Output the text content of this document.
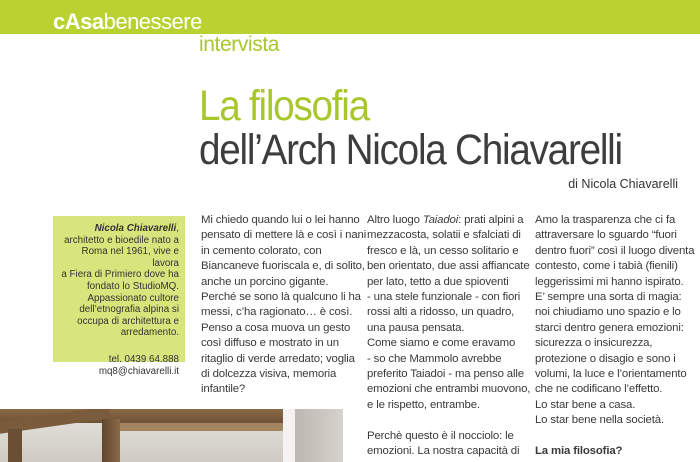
cAsabenessere
intervista
La filosofia
dell’Arch Nicola Chiavarelli
di Nicola Chiavarelli
Nicola Chiavarelli,
architetto e bioedile nato a
Roma nel 1961, vive e lavora
a Fiera di Primiero dove ha
fondato lo StudioMQ.
Appassionato cultore
dell’etnografia alpina si
occupa di architettura e
arredamento.
tel. 0439 64.888
mq8@chiavarelli.it
Mi chiedo quando lui o lei hanno
pensato di mettere là e così i nani
in cemento colorato, con
Biancaneve fuoriscala e, di solito,
anche un porcino gigante.
Perché se sono là qualcuno li ha
messi, c’ha ragionato… è così.
Penso a cosa muova un gesto
così diffuso e mostrato in un
ritaglio di verde arredato; voglia
di dolcezza visiva, memoria
infantile?
Altro luogo Taiadoi: prati alpini a
mezzacosta, solatii e sfalciati di
fresco e là, un cesso solitario e
ben orientato, due assi affiancate
per lato, tetto a due spioventi
- una stele funzionale - con fiori
rossi alti a ridosso, un quadro,
una pausa pensata.
Come siamo e come eravamo
- so che Mammolo avrebbe
preferito Taiadoi - ma penso alle
emozioni che entrambi muovono,
e le rispetto, entrambe.
Perchè questo è il nocciolo: le
emozioni. La nostra capacità di
Amo la trasparenza che ci fa
attraversare lo sguardo “fuori
dentro fuori” così il luogo diventa
contesto, come i tabià (fienili)
leggerissimi mi hanno ispirato.
E’ sempre una sorta di magia:
noi chiudiamo uno spazio e lo
starci dentro genera emozioni:
sicurezza o insicurezza,
protezione o disagio e sono i
volumi, la luce e l’orientamento
che ne codificano l’effetto.
Lo star bene a casa.
Lo star bene nella società.
La mia filosofia?
